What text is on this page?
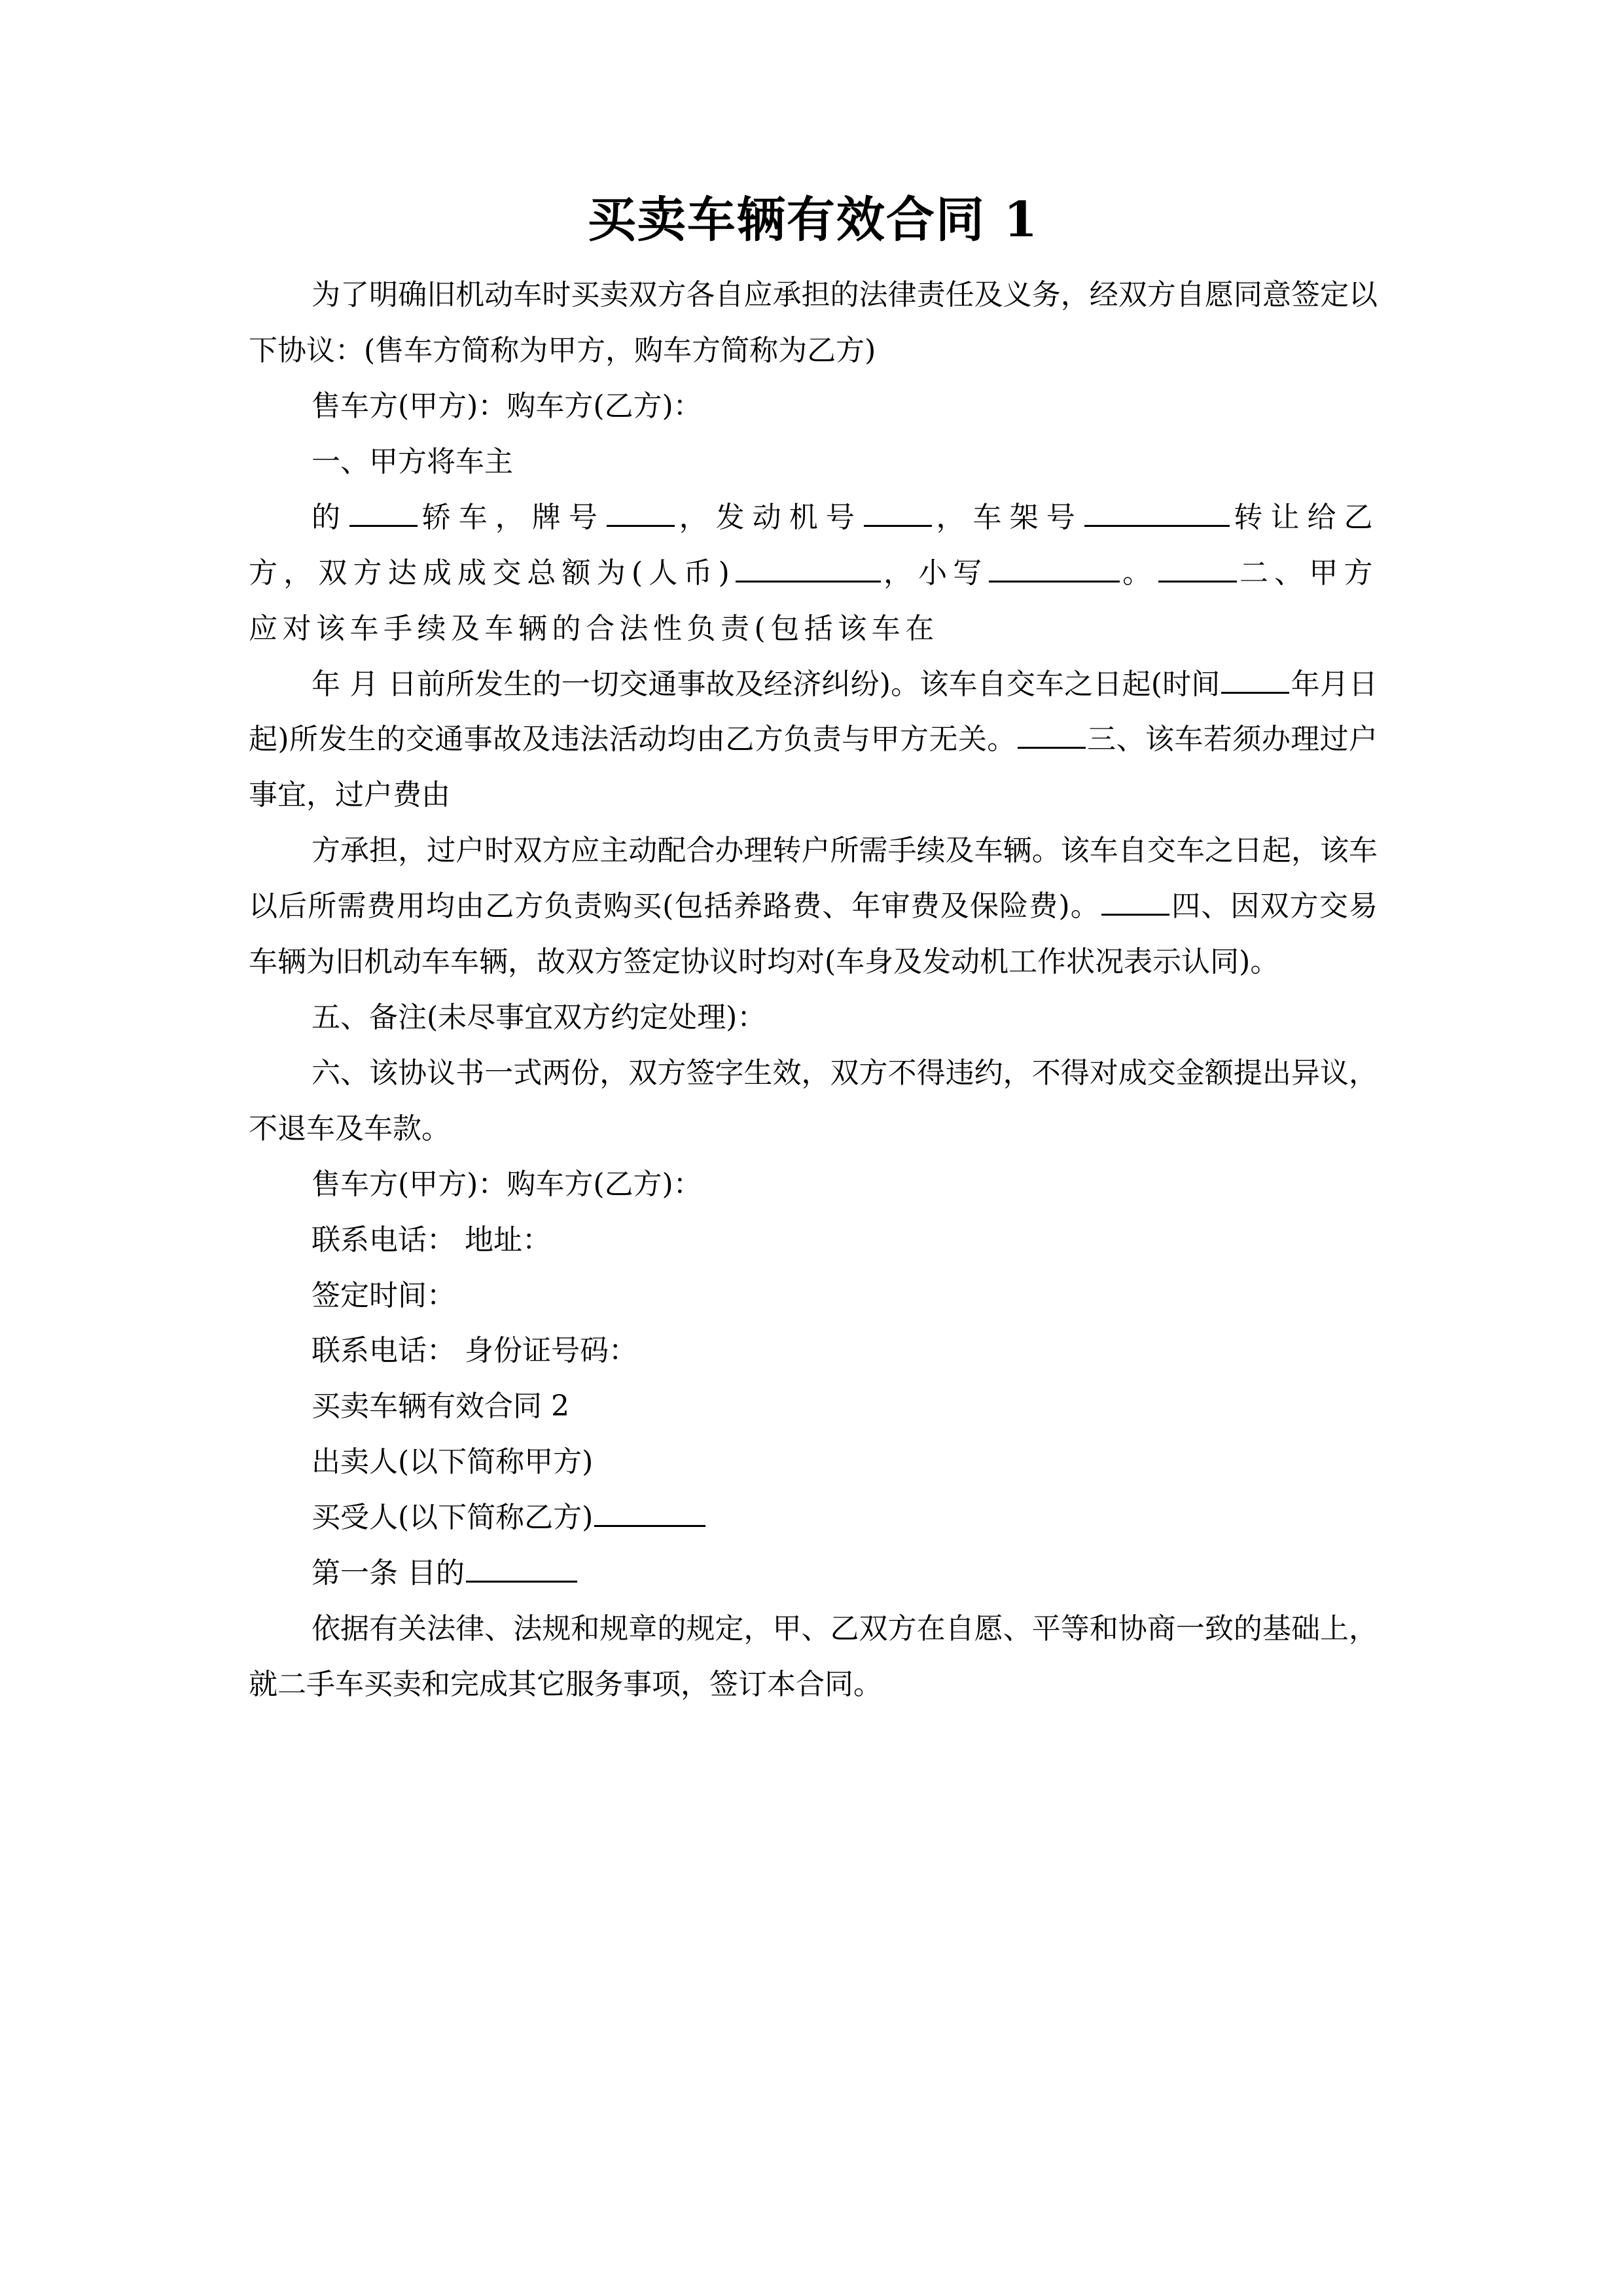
买卖车辆有效合同 1

为了明确旧机动车时买卖双方各自应承担的法律责任及义务，经双方自愿同意签定以下协议：(售车方简称为甲方，购车方简称为乙方)

售车方(甲方)：购车方(乙方)：

一、甲方将车主

的 轿车，牌号 ，发动机号 ，车架号	转让给乙方，双方达成成交总额为(人币)	，小写	。	二、甲方应对该车手续及车辆的合法性负责(包括该车在

年 月 日前所发生的一切交通事故及经济纠纷)。该车自交车之日起(时间 年月日起)所发生的交通事故及违法活动均由乙方负责与甲方无关。 三、该车若须办理过户事宜，过户费由

方承担，过户时双方应主动配合办理转户所需手续及车辆。该车自交车之日起，该车以后所需费用均由乙方负责购买(包括养路费、年审费及保险费)。 四、因双方交易车辆为旧机动车车辆，故双方签定协议时均对(车身及发动机工作状况表示认同)。

五、备注(未尽事宜双方约定处理)：

六、该协议书一式两份，双方签字生效，双方不得违约，不得对成交金额提出异议，不退车及车款。

售车方(甲方)：购车方(乙方)：

联系电话： 地址：

签定时间：

联系电话： 身份证号码：

买卖车辆有效合同 2

出卖人(以下简称甲方)

买受人(以下简称乙方)

第一条 目的

依据有关法律、法规和规章的规定，甲、乙双方在自愿、平等和协商一致的基础上，就二手车买卖和完成其它服务事项，签订本合同。
